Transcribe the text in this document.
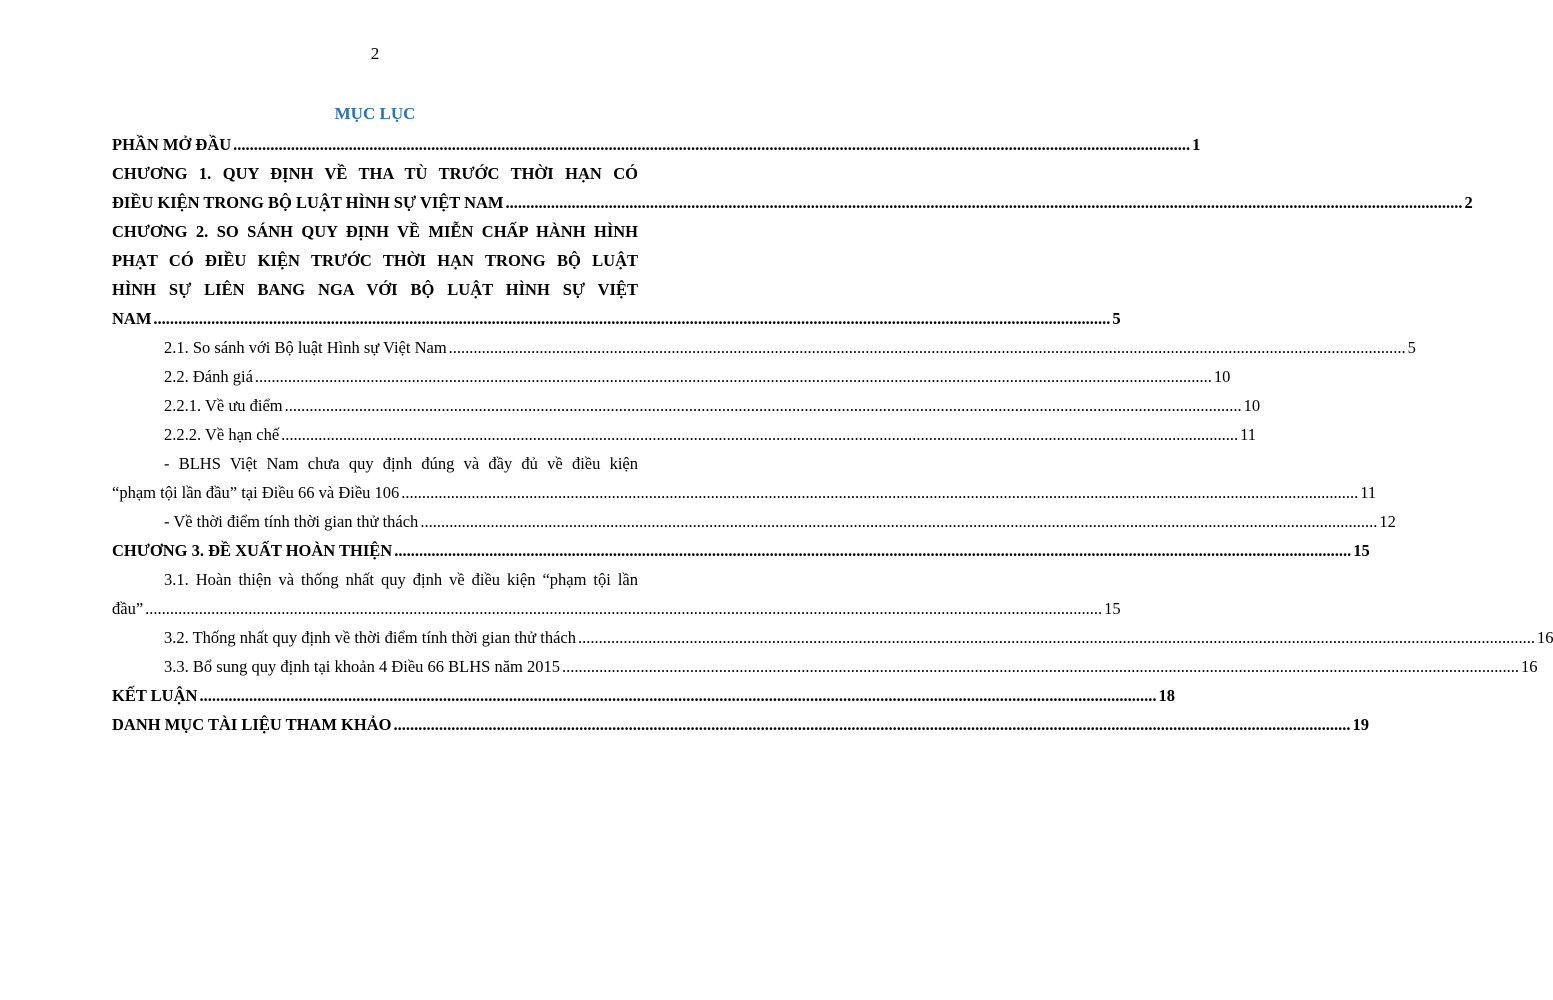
2
MỤC LỤC
PHẦN MỞ ĐẦU .....	1
CHƯƠNG 1. QUY ĐỊNH VỀ THA TÙ TRƯỚC THỜI HẠN CÓ
ĐIỀU KIỆN TRONG BỘ LUẬT HÌNH SỰ VIỆT NAM .....	2
CHƯƠNG 2. SO SÁNH QUY ĐỊNH VỀ MIỄN CHẤP HÀNH HÌNH
PHẠT CÓ ĐIỀU KIỆN TRƯỚC THỜI HẠN TRONG BỘ LUẬT
HÌNH SỰ LIÊN BANG NGA VỚI BỘ LUẬT HÌNH SỰ VIỆT
NAM .....	5
2.1. So sánh với Bộ luật Hình sự Việt Nam .....	5
2.2. Đánh giá .....	10
2.2.1. Về ưu điểm .....	10
2.2.2. Về hạn chế .....	11
- BLHS Việt Nam chưa quy định đúng và đầy đủ về điều kiện
“phạm tội lần đầu” tại Điều 66 và Điều 106 .....	11
- Về thời điểm tính thời gian thử thách .....	12
CHƯƠNG 3. ĐỀ XUẤT HOÀN THIỆN .....	15
3.1. Hoàn thiện và thống nhất quy định về điều kiện “phạm tội lần
đầu” .....	15
3.2. Thống nhất quy định về thời điểm tính thời gian thử thách .....	16
3.3. Bổ sung quy định tại khoản 4 Điều 66 BLHS năm 2015 .....	16
KẾT LUẬN .....	18
DANH MỤC TÀI LIỆU THAM KHẢO .....	19
